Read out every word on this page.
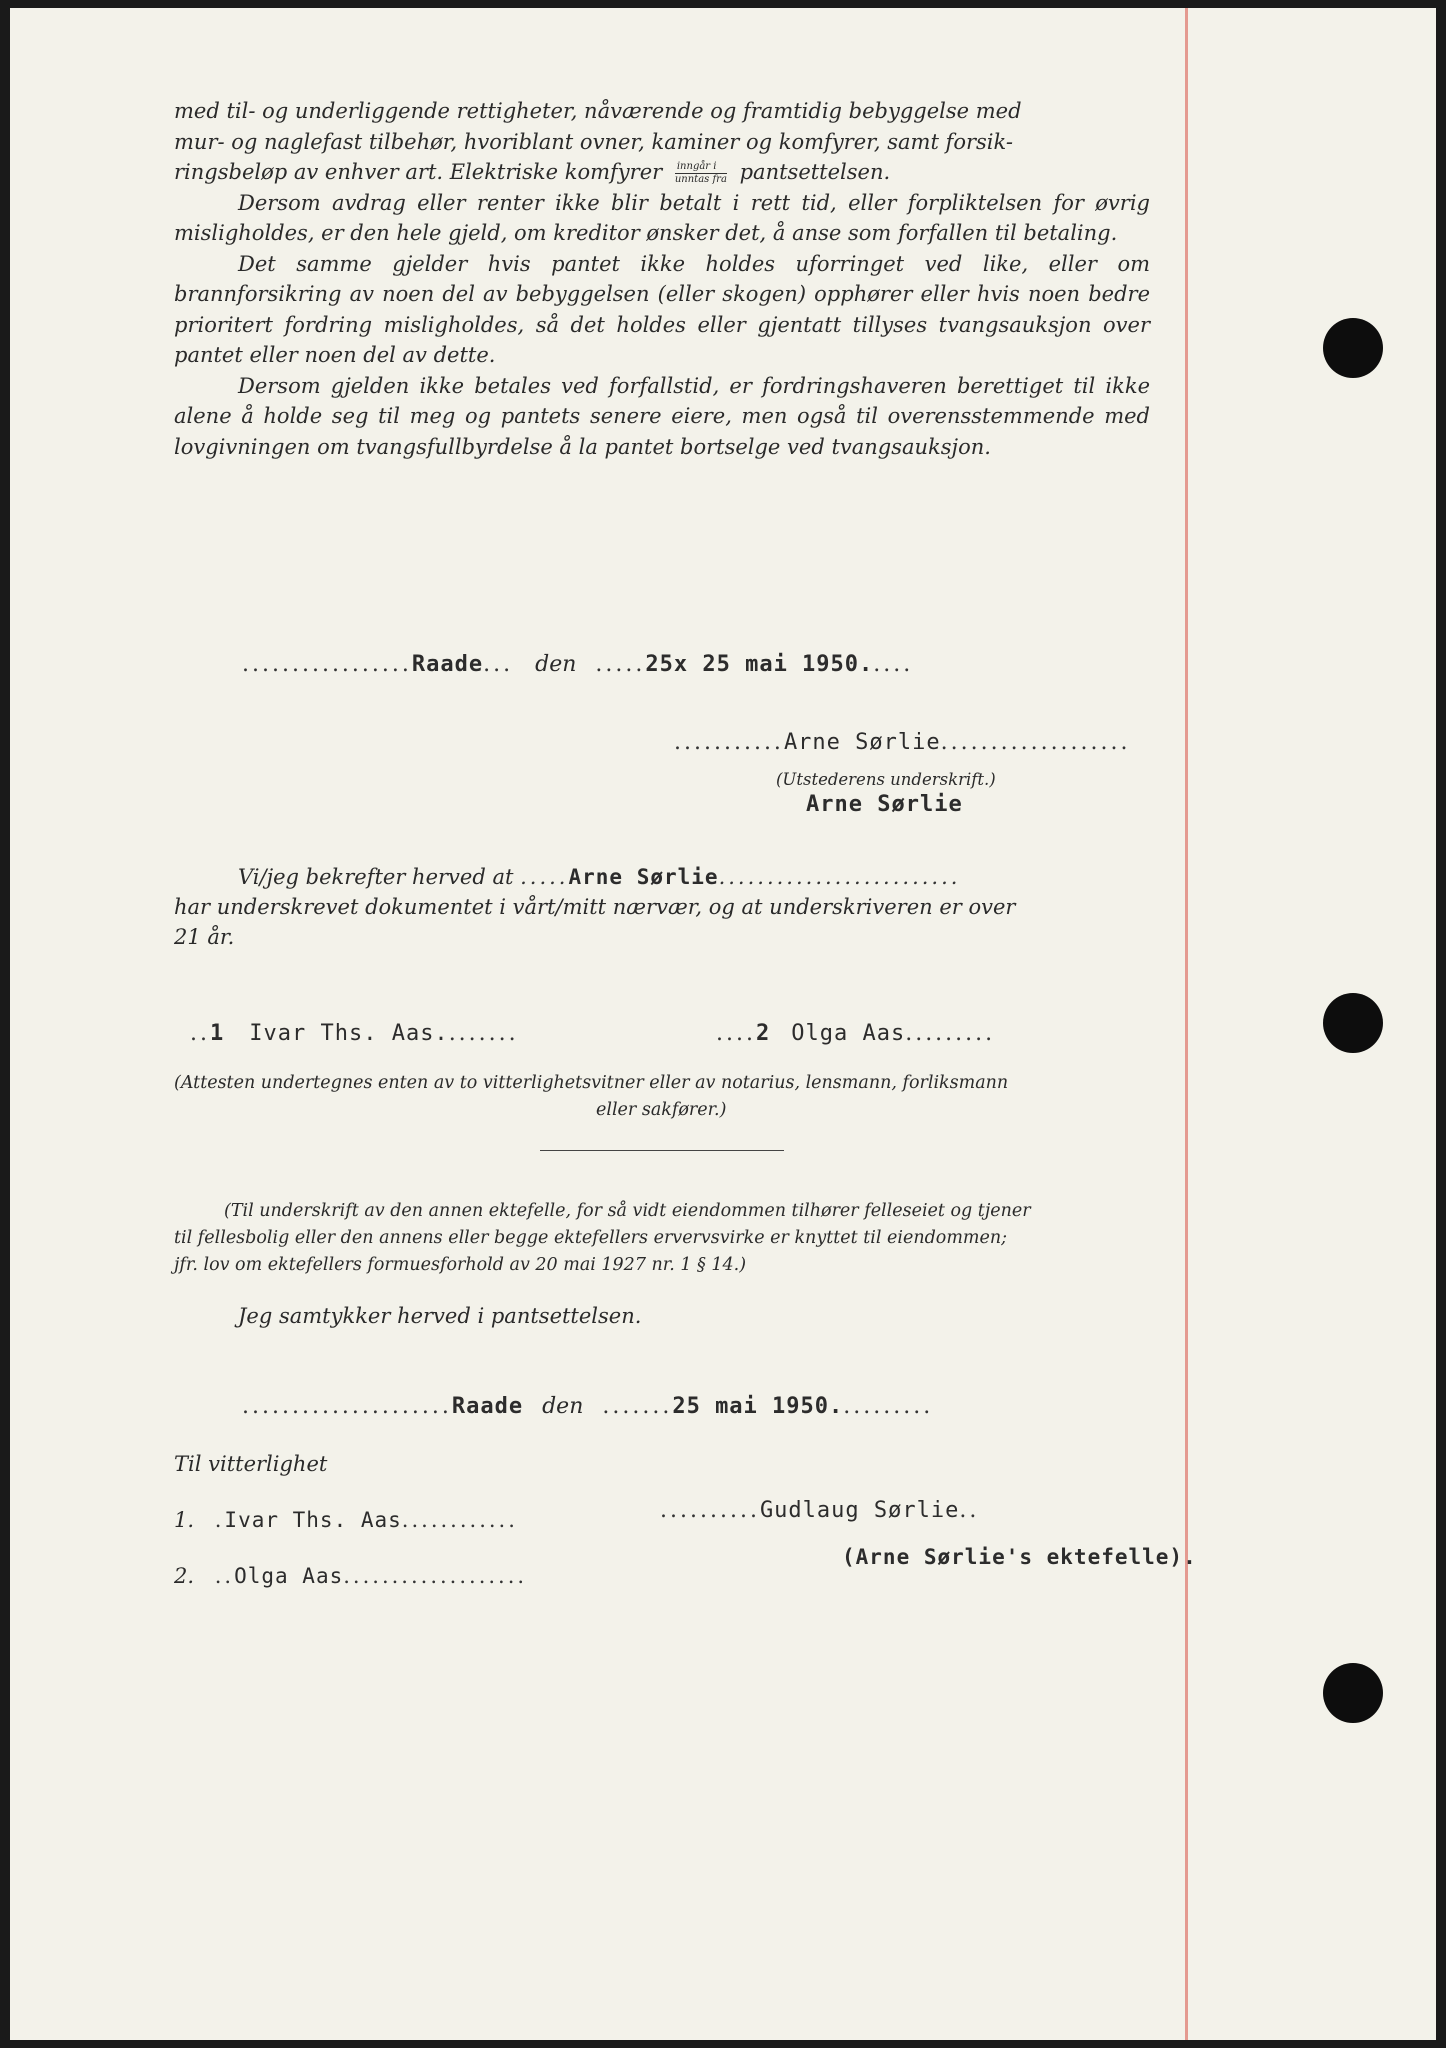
med til- og underliggende rettigheter, nåværende og framtidig bebyggelse med

mur- og naglefast tilbehør, hvoriblant ovner, kaminer og komfyrer, samt forsik-

ringsbeløp av enhver art. Elektriske komfyrer $\frac{\text{inngår i}}{\text{unntas fra}}$ pantsettelsen.

Dersom avdrag eller renter ikke blir betalt i rett tid, eller forpliktelsen for øvrig misligholdes, er den hele gjeld, om kreditor ønsker det, å anse som forfallen til betaling.

Det samme gjelder hvis pantet ikke holdes uforringet ved like, eller om brannforsikring av noen del av bebyggelsen (eller skogen) opphører eller hvis noen bedre prioritert fordring misligholdes, så det holdes eller gjentatt tillyses tvangsauksjon over pantet eller noen del av dette.

Dersom gjelden ikke betales ved forfallstid, er fordringshaveren berettiget til ikke alene å holde seg til meg og pantets senere eiere, men også til overensstemmende med lovgivningen om tvangsfullbyrdelse å la pantet bortselge ved tvangsauksjon.

.................Raade... den .....25x 25 mai 1950.....
...........Arne Sørlie...................
(Utstederens underskrift.)
Arne Sørlie
Vi/jeg bekrefter herved at .....Arne Sørlie.........................
har underskrevet dokumentet i vårt/mitt nærvær, og at underskriveren er over
21 år.
..1 Ivar Ths. Aas........	....2 Olga Aas.........
(Attesten undertegnes enten av to vitterlighetsvitner eller av notarius, lensmann, forliksmann
eller sakfører.)
(Til underskrift av den annen ektefelle, for så vidt eiendommen tilhører felleseiet og tjener
til fellesbolig eller den annens eller begge ektefellers ervervsvirke er knyttet til eiendommen;
jfr. lov om ektefellers formuesforhold av 20 mai 1927 nr. 1 § 14.)
Jeg samtykker herved i pantsettelsen.
.....................Raade den .......25 mai 1950..........
Til vitterlighet
1. .Ivar Ths. Aas............
2. ..Olga Aas...................
..........Gudlaug Sørlie..
(Arne Sørlie's ektefelle).
